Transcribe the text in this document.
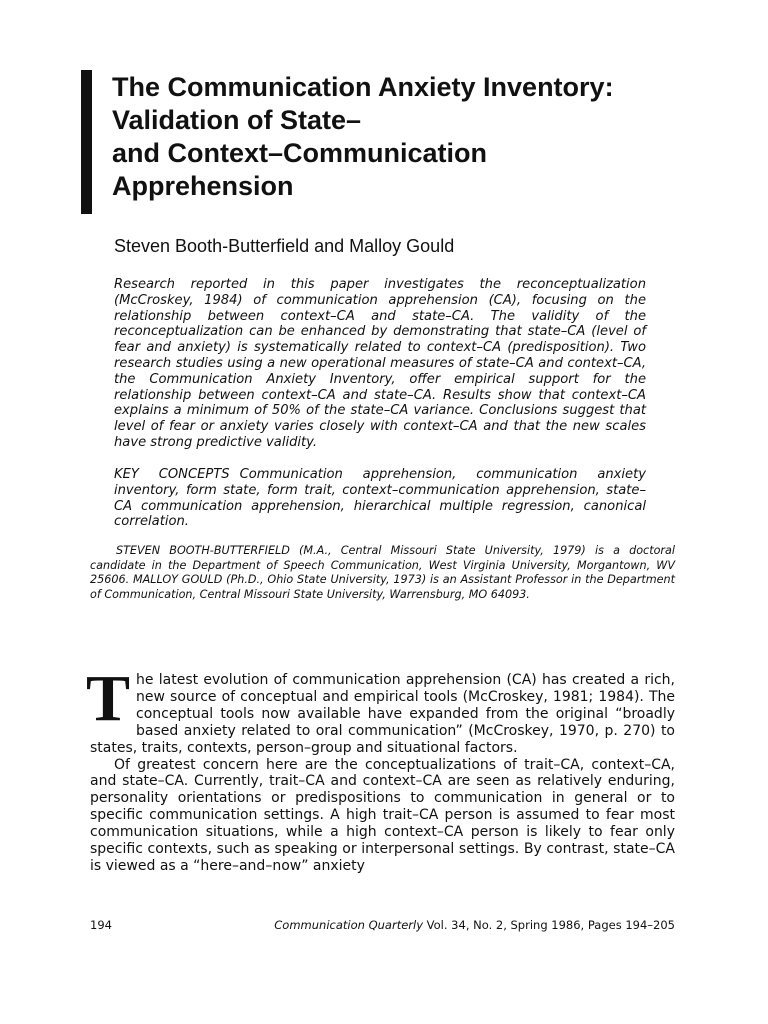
The Communication Anxiety Inventory:
Validation of State–
and Context–Communication
Apprehension

Steven Booth-Butterfield and Malloy Gould

Research reported in this paper investigates the reconceptualization (McCroskey, 1984) of communication apprehension (CA), focusing on the relationship between context–CA and state–CA. The validity of the reconceptualization can be enhanced by demonstrating that state–CA (level of fear and anxiety) is systematically related to context–CA (predisposition). Two research studies using a new operational measures of state–CA and context–CA, the Communication Anxiety Inventory, offer empirical support for the relationship between context–CA and state–CA. Results show that context–CA explains a minimum of 50% of the state–CA variance. Conclusions suggest that level of fear or anxiety varies closely with context–CA and that the new scales have strong predictive validity.

KEY CONCEPTS Communication apprehension, communication anxiety inventory, form state, form trait, context–communication apprehension, state–CA communication apprehension, hierarchical multiple regression, canonical correlation.

STEVEN BOOTH-BUTTERFIELD (M.A., Central Missouri State University, 1979) is a doctoral candidate in the Department of Speech Communication, West Virginia University, Morgantown, WV 25606. MALLOY GOULD (Ph.D., Ohio State University, 1973) is an Assistant Professor in the Department of Communication, Central Missouri State University, Warrensburg, MO 64093.

The latest evolution of communication apprehension (CA) has created a rich, new source of conceptual and empirical tools (McCroskey, 1981; 1984). The conceptual tools now available have expanded from the original “broadly based anxiety related to oral communication” (McCroskey, 1970, p. 270) to states, traits, contexts, person–group and situational factors.

Of greatest concern here are the conceptualizations of trait–CA, context–CA, and state–CA. Currently, trait–CA and context–CA are seen as relatively enduring, personality orientations or predispositions to communication in general or to specific communication settings. A high trait–CA person is assumed to fear most communication situations, while a high context–CA person is likely to fear only specific contexts, such as speaking or interpersonal settings. By contrast, state–CA is viewed as a “here–and–now” anxiety

194	Communication Quarterly Vol. 34, No. 2, Spring 1986, Pages 194–205
